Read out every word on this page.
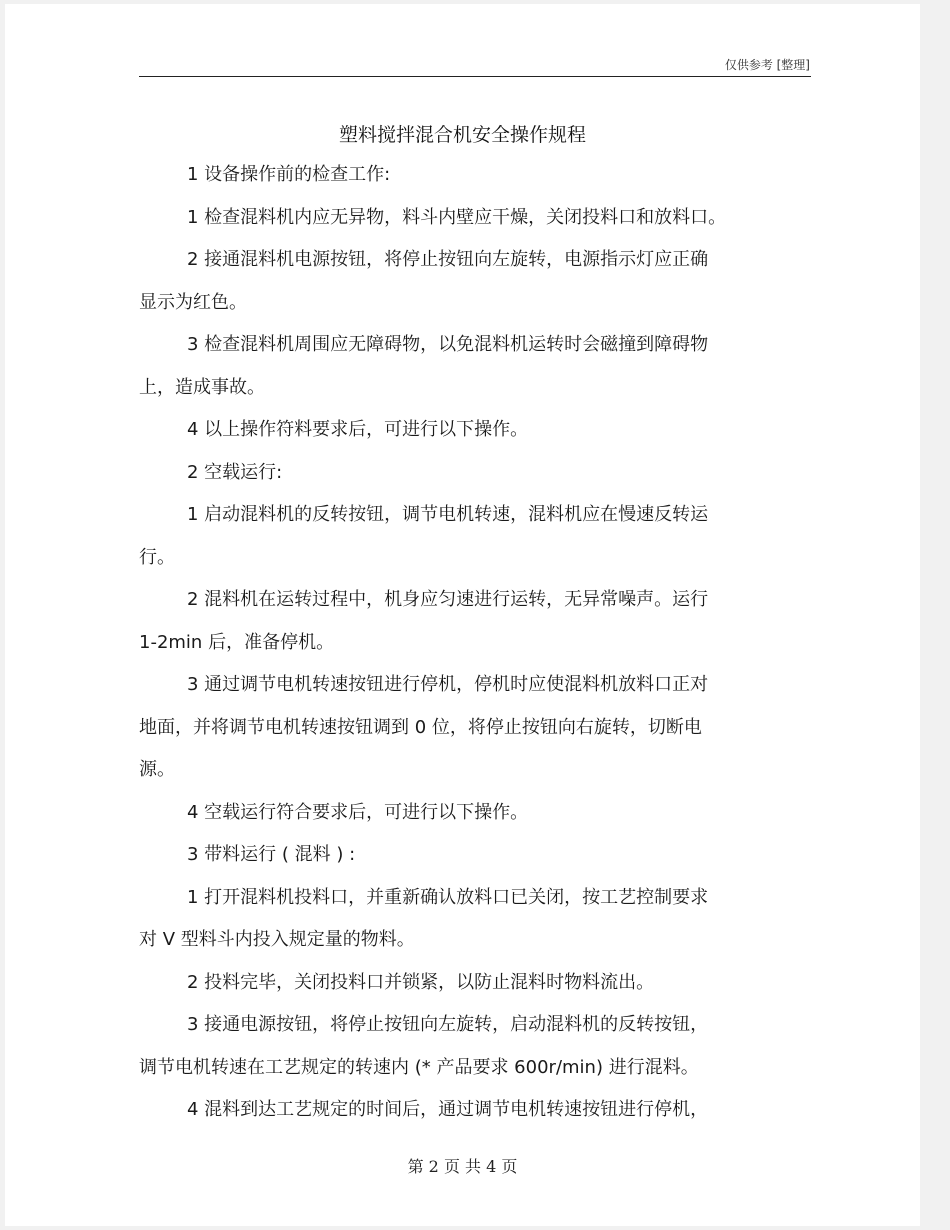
仅供参考 [整理]
塑料搅拌混合机安全操作规程
1 设备操作前的检查工作:
1 检查混料机内应无异物，料斗内壁应干燥，关闭投料口和放料口。
2 接通混料机电源按钮，将停止按钮向左旋转，电源指示灯应正确
显示为红色。
3 检查混料机周围应无障碍物，以免混料机运转时会磁撞到障碍物
上，造成事故。
4 以上操作符料要求后，可进行以下操作。
2 空载运行:
1 启动混料机的反转按钮，调节电机转速，混料机应在慢速反转运
行。
2 混料机在运转过程中，机身应匀速进行运转，无异常噪声。运行
1-2min 后，准备停机。
3 通过调节电机转速按钮进行停机，停机时应使混料机放料口正对
地面，并将调节电机转速按钮调到 0 位，将停止按钮向右旋转，切断电
源。
4 空载运行符合要求后，可进行以下操作。
3 带料运行 ( 混料 ) :
1 打开混料机投料口，并重新确认放料口已关闭，按工艺控制要求
对 V 型料斗内投入规定量的物料。
2 投料完毕，关闭投料口并锁紧，以防止混料时物料流出。
3 接通电源按钮，将停止按钮向左旋转，启动混料机的反转按钮，
调节电机转速在工艺规定的转速内 (* 产品要求 600r/min) 进行混料。
4 混料到达工艺规定的时间后，通过调节电机转速按钮进行停机，
第 2 页 共 4 页
